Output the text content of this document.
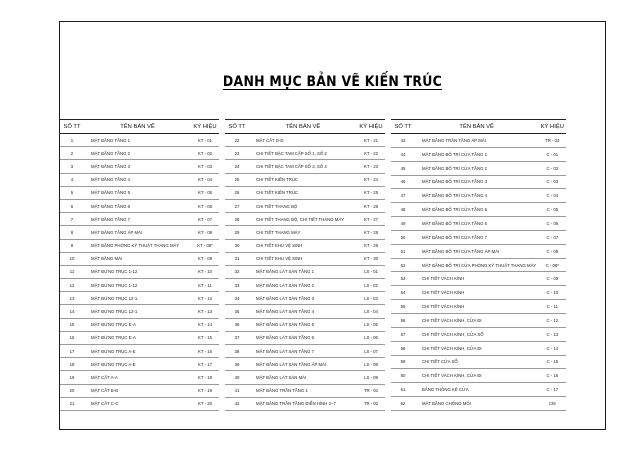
DANH MỤC BẢN VẼ KIẾN TRÚC
SỐ TT	TÊN BẢN VẼ	KÝ HIỆU
1	MẶT BẰNG TẦNG 1	KT - 01
2	MẶT BẰNG TẦNG 2	KT - 02
3	MẶT BẰNG TẦNG 3	KT - 03
4	MẶT BẰNG TẦNG 4	KT - 04
5	MẶT BẰNG TẦNG 5	KT - 05
6	MẶT BẰNG TẦNG 6	KT - 06
7	MẶT BẰNG TẦNG 7	KT - 07
8	MẶT BẰNG TẦNG ÁP MÁI	KT - 08
9	MẶT BẰNG PHÒNG KỸ THUẬT THANG MÁY	KT - 08*
10	MẶT BẰNG MÁI	KT - 09
11	MẶT ĐỨNG TRỤC 1-12	KT - 10
12	MẶT ĐỨNG TRỤC 1-12	KT - 11
13	MẶT ĐỨNG TRỤC 12-1	KT - 12
14	MẶT ĐỨNG TRỤC 12-1	KT - 13
15	MẶT ĐỨNG TRỤC E-A	KT - 14
16	MẶT ĐỨNG TRỤC E-A	KT - 15
17	MẶT ĐỨNG TRỤC A-E	KT - 16
18	MẶT ĐỨNG TRỤC A-E	KT - 17
19	MẶT CẮT A-A	KT - 18
20	MẶT CẮT B-B	KT - 19
21	MẶT CẮT C-C	KT - 20
SỐ TT	TÊN BẢN VẼ	KÝ HIỆU
22	MẶT CẮT D-D	KT - 21
23	CHI TIẾT BẬC TAM CẤP SỐ 1, SỐ 2	KT - 22
24	CHI TIẾT BẬC TAM CẤP SỐ 3, SỐ 4	KT - 23
25	CHI TIẾT KIẾN TRÚC	KT - 24
26	CHI TIẾT KIẾN TRÚC	KT - 25
27	CHI TIẾT THANG BỘ	KT - 26
28	CHI TIẾT THANG BỘ, CHI TIẾT THANG MÁY	KT - 27
29	CHI TIẾT THANG MÁY	KT - 28
30	CHI TIẾT KHU VỆ SINH	KT - 29
31	CHI TIẾT KHU VỆ SINH	KT - 30
32	MẶT BẰNG LÁT SÀN TẦNG 1	LS - 01
33	MẶT BẰNG LÁT SÀN TẦNG 2	LS - 02
34	MẶT BẰNG LÁT SÀN TẦNG 3	LS - 03
35	MẶT BẰNG LÁT SÀN TẦNG 4	LS - 04
36	MẶT BẰNG LÁT SÀN TẦNG 5	LS - 05
37	MẶT BẰNG LÁT SÀN TẦNG 6	LS - 06
38	MẶT BẰNG LÁT SÀN TẦNG 7	LS - 07
39	MẶT BẰNG LÁT SÀN TẦNG ÁP MÁI	LS - 08
40	MẶT BẰNG LÁT SÀN MÁI	LS - 09
41	MẶT BẰNG TRẦN TẦNG 1	TR - 01
42	MẶT BẰNG TRẦN TẦNG ĐIỂN HÌNH 2~7	TR - 02
SỐ TT	TÊN BẢN VẼ	KÝ HIỆU
43	MẶT BẰNG TRẦN TẦNG ÁP MÁI	TR - 03
44	MẶT BẰNG BỐ TRÍ CỬA TẦNG 1	C - 01
45	MẶT BẰNG BỐ TRÍ CỬA TẦNG 2	C - 02
46	MẶT BẰNG BỐ TRÍ CỬA TẦNG 3	C - 03
47	MẶT BẰNG BỐ TRÍ CỬA TẦNG 4	C - 04
48	MẶT BẰNG BỐ TRÍ CỬA TẦNG 5	C - 05
49	MẶT BẰNG BỐ TRÍ CỬA TẦNG 6	C - 06
50	MẶT BẰNG BỐ TRÍ CỬA TẦNG 7	C - 07
51	MẶT BẰNG BỐ TRÍ CỬA TẦNG ÁP MÁI	C - 08
52	MẶT BẰNG BỐ TRÍ CỬA PHÒNG KỸ THUẬT THANG MÁY	C - 08*
53	CHI TIẾT VÁCH KÍNH	C - 09
54	CHI TIẾT VÁCH KÍNH	C - 10
55	CHI TIẾT VÁCH KÍNH	C - 11
56	CHI TIẾT VÁCH KÍNH, CỬA ĐI	C - 12
57	CHI TIẾT VÁCH KÍNH, CỬA SỔ	C - 13
58	CHI TIẾT VÁCH KÍNH, CỬA ĐI	C - 14
59	CHI TIẾT CỬA SỔ	C - 15
60	CHI TIẾT VÁCH KÍNH, CỬA ĐI	C - 16
61	BẢNG THỐNG KÊ CỬA	C - 17
62	MẶT BẰNG CHỐNG MỐI	CM
